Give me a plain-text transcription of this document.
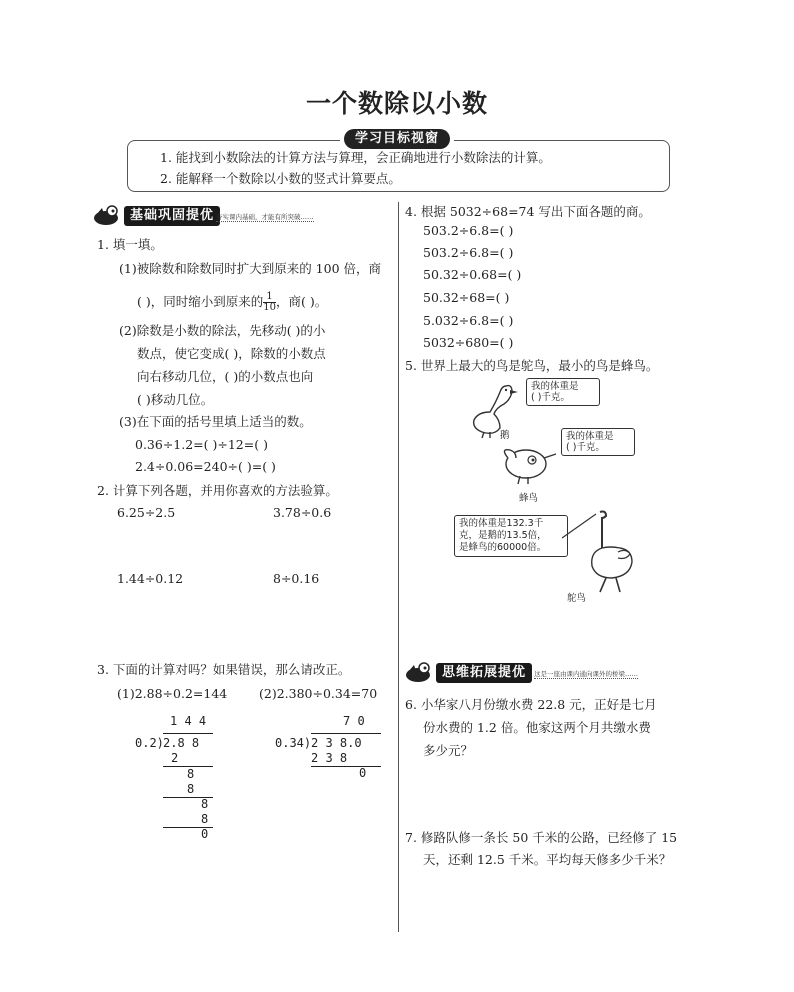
一个数除以小数
学习目标视窗
1. 能找到小数除法的计算方法与算理，会正确地进行小数除法的计算。
2. 能解释一个数除以小数的竖式计算要点。
基础巩固提优 夯实课内基础，才能有所突破……
1. 填一填。
(1)被除数和除数同时扩大到原来的 100 倍，商
( )，同时缩小到原来的 $\frac{1}{10}$ ，商( )。
(2)除数是小数的除法，先移动( )的小
数点，使它变成( )，除数的小数点
向右移动几位，( )的小数点也向
( )移动几位。
(3)在下面的括号里填上适当的数。
0.36÷1.2=( )÷12=( )
2.4÷0.06=240÷( )=( )
2. 计算下列各题，并用你喜欢的方法验算。
6.25÷2.5	3.78÷0.6
1.44÷0.12	8÷0.16
3. 下面的计算对吗？如果错误，那么请改正。
(1)2.88÷0.2=144	(2)2.380÷0.34=70
1 4 4
0.2) 2.8 8
2
8
8
8
8
0
7 0
0.34) 2 3 8.0
2 3 8
0
4. 根据 5032÷68=74 写出下面各题的商。
503.2÷6.8=( )
503.2÷6.8=( )
50.32÷0.68=( )
50.32÷68=( )
5.032÷6.8=( )
5032÷680=( )
5. 世界上最大的鸟是鸵鸟，最小的鸟是蜂鸟。
我的体重是
( )千克。
鹅	我的体重是
( )千克。
蜂鸟
我的体重是132.3千
克，是鹅的13.5倍，
是蜂鸟的60000倍。
鸵鸟
思维拓展提优	这是一座由课内通向课外的桥梁……
6. 小华家八月份缴水费 22.8 元，正好是七月
份水费的 1.2 倍。他家这两个月共缴水费
多少元？
7. 修路队修一条长 50 千米的公路，已经修了 15
天，还剩 12.5 千米。平均每天修多少千米？
